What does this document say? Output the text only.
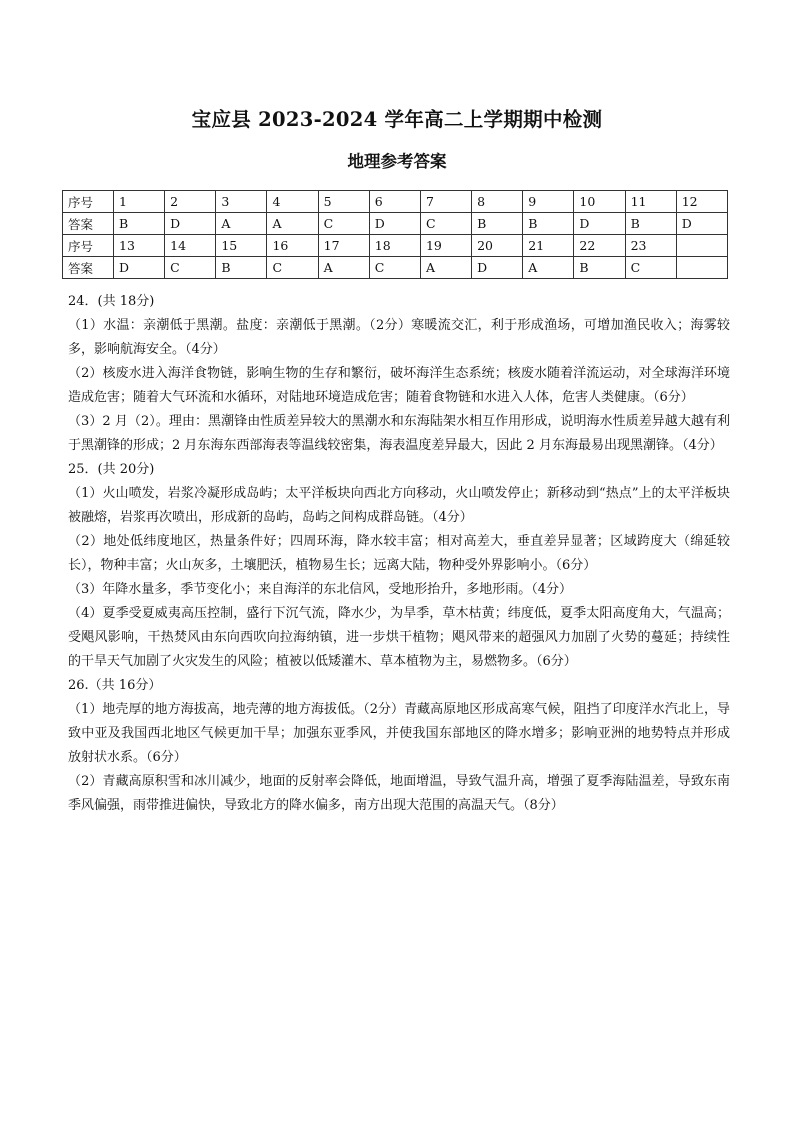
宝应县 2023-2024 学年高二上学期期中检测
地理参考答案
序号	1	2	3	4	5	6	7	8	9	10	11	12
答案	B	D	A	A	C	D	C	B	B	D	B	D
序号	13	14	15	16	17	18	19	20	21	22	23	
答案	D	C	B	C	A	C	A	D	A	B	C	

24．(共 18分)

（1）水温：亲潮低于黑潮。盐度：亲潮低于黑潮。（2分）寒暖流交汇，利于形成渔场，可增加渔民收入；海雾较多，影响航海安全。（4分）

（2）核废水进入海洋食物链，影响生物的生存和繁衍，破坏海洋生态系统；核废水随着洋流运动，对全球海洋环境造成危害；随着大气环流和水循环，对陆地环境造成危害；随着食物链和水进入人体，危害人类健康。（6分）

（3）2 月（2）。理由：黑潮锋由性质差异较大的黑潮水和东海陆架水相互作用形成，说明海水性质差异越大越有利于黑潮锋的形成；2 月东海东西部海表等温线较密集，海表温度差异最大，因此 2 月东海最易出现黑潮锋。（4分）

25．(共 20分)

（1）火山喷发，岩浆冷凝形成岛屿；太平洋板块向西北方向移动，火山喷发停止；新移动到“热点”上的太平洋板块被融熔，岩浆再次喷出，形成新的岛屿，岛屿之间构成群岛链。（4分）

（2）地处低纬度地区，热量条件好；四周环海，降水较丰富；相对高差大，垂直差异显著；区域跨度大（绵延较长），物种丰富；火山灰多，土壤肥沃，植物易生长；远离大陆，物种受外界影响小。（6分）

（3）年降水量多，季节变化小；来自海洋的东北信风，受地形抬升，多地形雨。（4分）

（4）夏季受夏威夷高压控制，盛行下沉气流，降水少，为旱季，草木枯黄；纬度低，夏季太阳高度角大，气温高；受飓风影响，干热焚风由东向西吹向拉海纳镇，进一步烘干植物；飓风带来的超强风力加剧了火势的蔓延；持续性的干旱天气加剧了火灾发生的风险；植被以低矮灌木、草本植物为主，易燃物多。（6分）

26.（共 16分）

（1）地壳厚的地方海拔高，地壳薄的地方海拔低。（2分）青藏高原地区形成高寒气候，阻挡了印度洋水汽北上，导致中亚及我国西北地区气候更加干旱；加强东亚季风，并使我国东部地区的降水增多；影响亚洲的地势特点并形成放射状水系。（6分）

（2）青藏高原积雪和冰川减少，地面的反射率会降低，地面增温，导致气温升高，增强了夏季海陆温差，导致东南季风偏强，雨带推进偏快，导致北方的降水偏多，南方出现大范围的高温天气。（8分）
